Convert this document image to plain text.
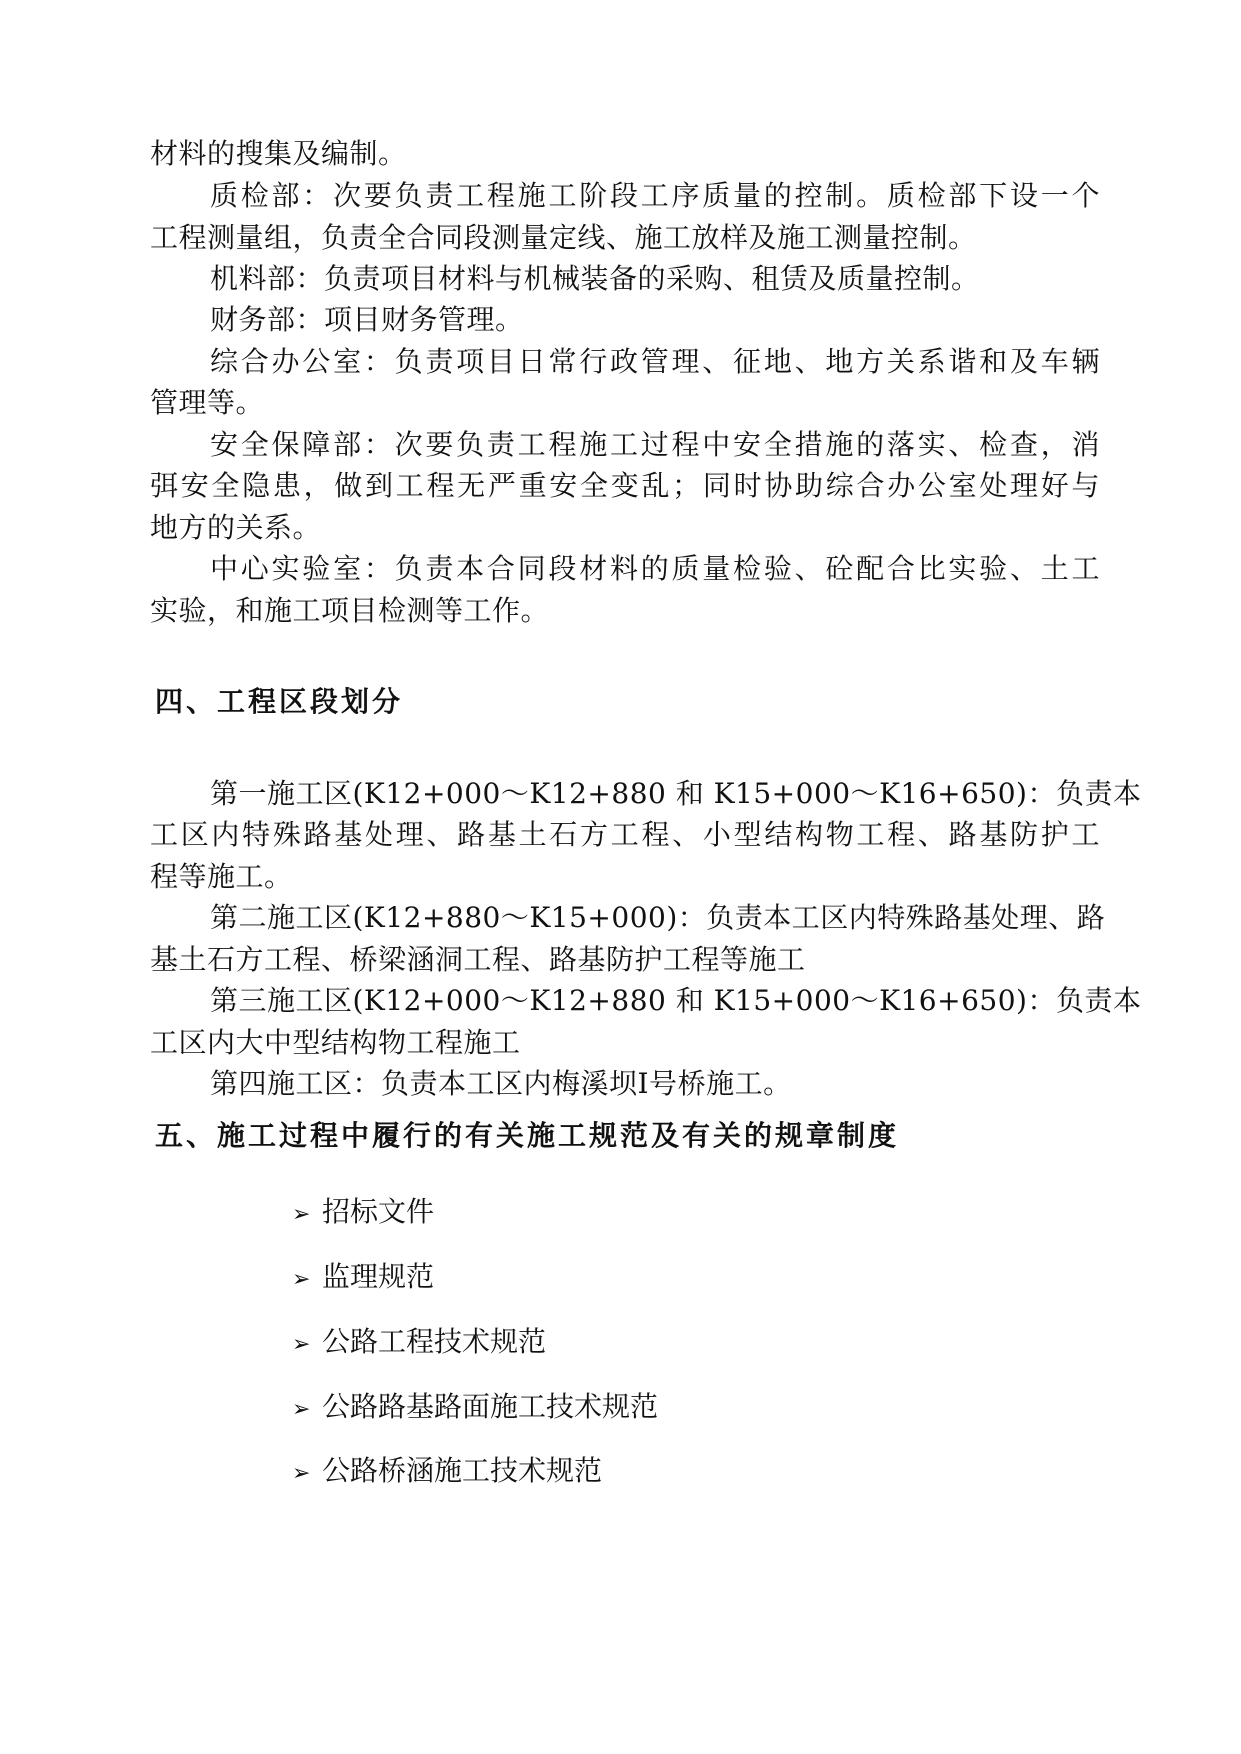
材料的搜集及编制。
质检部：次要负责工程施工阶段工序质量的控制。质检部下设一个
工程测量组，负责全合同段测量定线、施工放样及施工测量控制。
机料部：负责项目材料与机械装备的采购、租赁及质量控制。
财务部：项目财务管理。
综合办公室：负责项目日常行政管理、征地、地方关系谐和及车辆
管理等。
安全保障部：次要负责工程施工过程中安全措施的落实、检查，消
弭安全隐患，做到工程无严重安全变乱；同时协助综合办公室处理好与
地方的关系。
中心实验室：负责本合同段材料的质量检验、砼配合比实验、土工
实验，和施工项目检测等工作。
四、工程区段划分
第一施工区(K12+000～K12+880 和 K15+000～K16+650)：负责本
工区内特殊路基处理、路基土石方工程、小型结构物工程、路基防护工
程等施工。
第二施工区(K12+880～K15+000)：负责本工区内特殊路基处理、路
基土石方工程、桥梁涵洞工程、路基防护工程等施工
第三施工区(K12+000～K12+880 和 K15+000～K16+650)：负责本
工区内大中型结构物工程施工
第四施工区：负责本工区内梅溪坝Ⅰ号桥施工。
五、施工过程中履行的有关施工规范及有关的规章制度
➢ 招标文件
➢ 监理规范
➢ 公路工程技术规范
➢ 公路路基路面施工技术规范
➢ 公路桥涵施工技术规范
